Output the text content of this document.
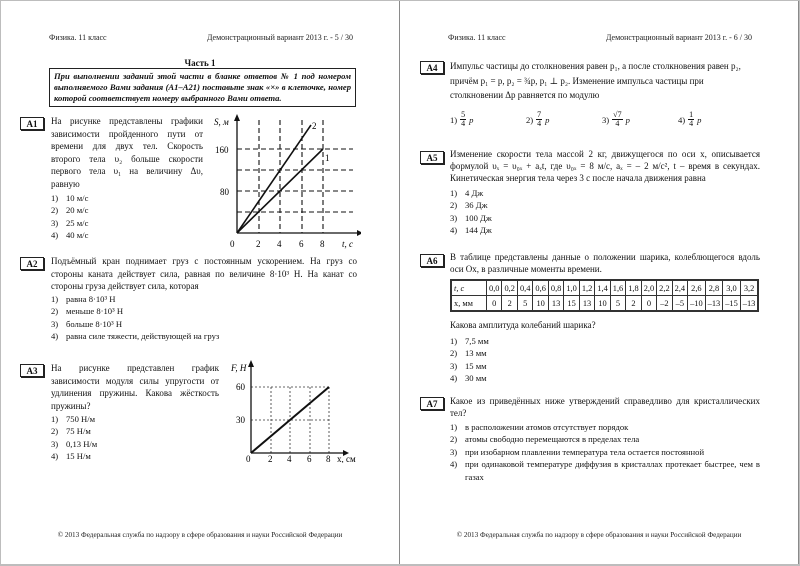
Физика. 11 класс	Демонстрационный вариант 2013 г. - 5 / 30
Часть 1
При выполнении заданий этой части в бланке ответов № 1 под номером выполняемого Вами задания (А1–А21) поставьте знак «×» в клеточке, номер которой соответствует номеру выбранного Вами ответа.
А1	На рисунке представлены графики зависимости пройденного пути от времени для двух тел. Скорость второго тела υ₂ больше скорости первого тела υ₁ на величину Δυ, равную
1) 10 м/с
2) 20 м/с
3) 25 м/с
4) 40 м/с
160
80
0 2 4 6 8 t, с
S, м
1
2
А2	Подъёмный кран поднимает груз с постоянным ускорением. На груз со стороны каната действует сила, равная по величине 8·10³ Н. На канат со стороны груза действует сила, которая
1) равна 8·10³ Н
2) меньше 8·10³ Н
3) больше 8·10³ Н
4) равна силе тяжести, действующей на груз
А3	На рисунке представлен график зависимости модуля силы упругости от удлинения пружины. Какова жёсткость пружины?
1) 750 Н/м
2) 75 Н/м
3) 0,13 Н/м
4) 15 Н/м
F, Н
60
30
0 2 4 6 8 x, см
© 2013 Федеральная служба по надзору в сфере образования и науки Российской Федерации
Физика. 11 класс	Демонстрационный вариант 2013 г. - 6 / 30
А4	Импульс частицы до столкновения равен p₁, а после столкновения равен p₂,
причём p₁ = p, p₂ = ¾p, p₁ ⊥ p₂. Изменение импульса частицы при
столкновении Δp равняется по модулю
$1) \frac{5}{4}$ p	$2) \frac{7}{4}$ p	$3) \frac{√7}{4}$ p	$4) \frac{1}{4}$ p
А5	Изменение скорости тела массой 2 кг, движущегося по оси x, описывается формулой υₓ = υ₀ₓ + aₓt, где υ₀ₓ = 8 м/с, aₓ = – 2 м/с², t – время в секундах. Кинетическая энергия тела через 3 с после начала движения равна
1) 4 Дж
2) 36 Дж
3) 100 Дж
4) 144 Дж
А6	В таблице представлены данные о положении шарика, колеблющегося вдоль оси Ox, в различные моменты времени.
t, с	0,0	0,2	0,4	0,6	0,8	1,0	1,2	1,4	1,6	1,8	2,0	2,2	2,4	2,6	2,8	3,0	3,2
x, мм	0	2	5	10	13	15	13	10	5	2	0	–2	–5	–10	–13	–15	–13
Какова амплитуда колебаний шарика?
1) 7,5 мм
2) 13 мм
3) 15 мм
4) 30 мм
А7	Какое из приведённых ниже утверждений справедливо для кристаллических тел?
1) в расположении атомов отсутствует порядок
2) атомы свободно перемещаются в пределах тела
3) при изобарном плавлении температура тела остается постоянной
4) при одинаковой температуре диффузия в кристаллах протекает быстрее, чем в газах
© 2013 Федеральная служба по надзору в сфере образования и науки Российской Федерации
